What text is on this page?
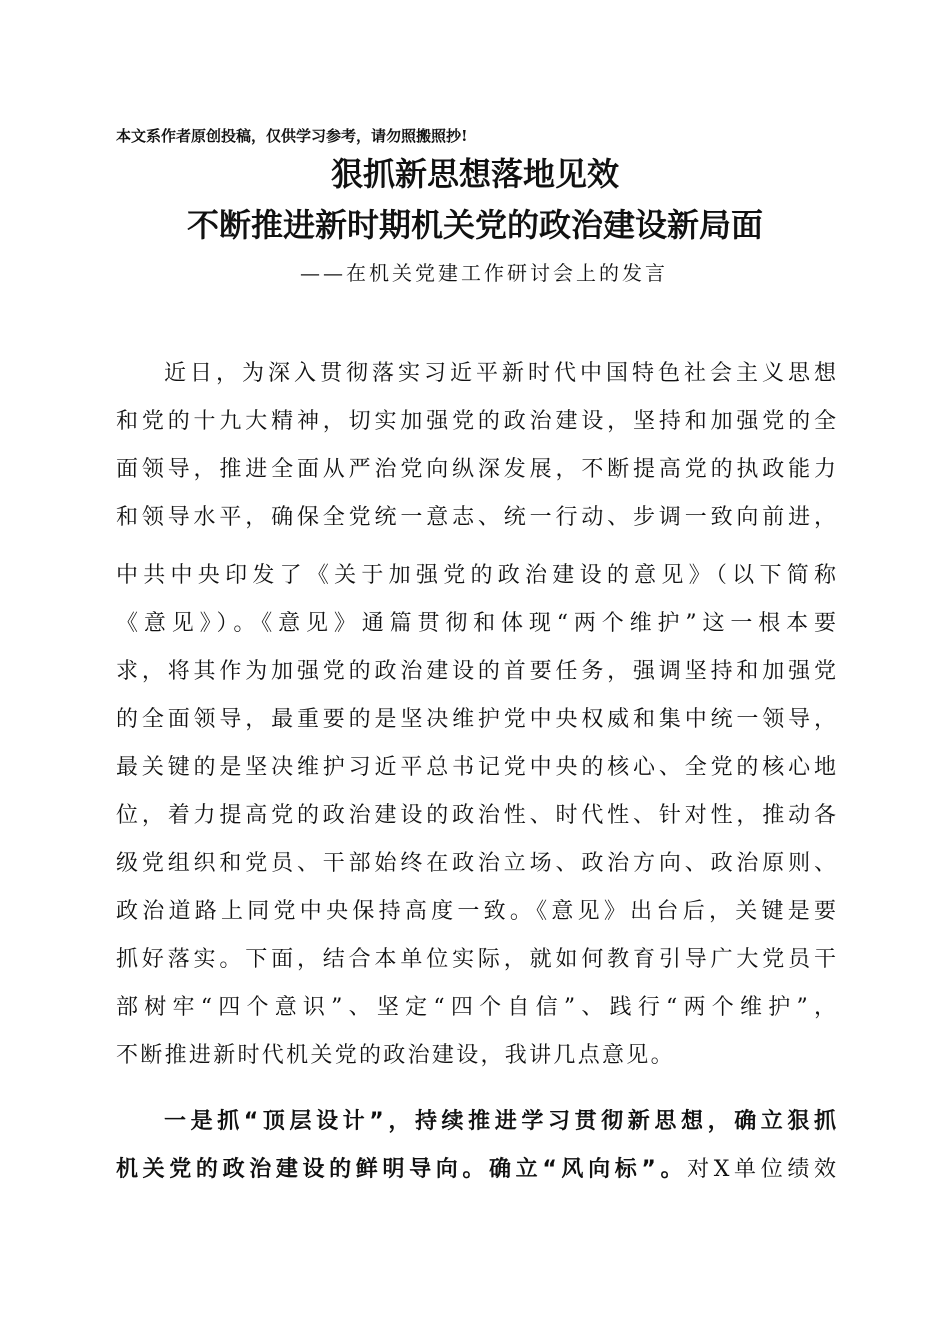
本文系作者原创投稿，仅供学习参考，请勿照搬照抄!
狠抓新思想落地见效
不断推进新时期机关党的政治建设新局面
——在机关党建工作研讨会上的发言
近日，为深入贯彻落实习近平新时代中国特色社会主义思想
和党的十九大精神，切实加强党的政治建设，坚持和加强党的全
面领导，推进全面从严治党向纵深发展，不断提高党的执政能力
和领导水平，确保全党统一意志、统一行动、步调一致向前进，
中共中央印发了《关于加强党的政治建设的意见》（以下简称
《意见》）。《意见》通篇贯彻和体现“两个维护”这一根本要
求，将其作为加强党的政治建设的首要任务，强调坚持和加强党
的全面领导，最重要的是坚决维护党中央权威和集中统一领导，
最关键的是坚决维护习近平总书记党中央的核心、全党的核心地
位，着力提高党的政治建设的政治性、时代性、针对性，推动各
级党组织和党员、干部始终在政治立场、政治方向、政治原则、
政治道路上同党中央保持高度一致。《意见》出台后，关键是要
抓好落实。下面，结合本单位实际，就如何教育引导广大党员干
部树牢“四个意识”、坚定“四个自信”、践行“两个维护”，
不断推进新时代机关党的政治建设，我讲几点意见。
一是抓“顶层设计”，持续推进学习贯彻新思想，确立狠抓
机关党的政治建设的鲜明导向。确立“风向标”。对X单位绩效
